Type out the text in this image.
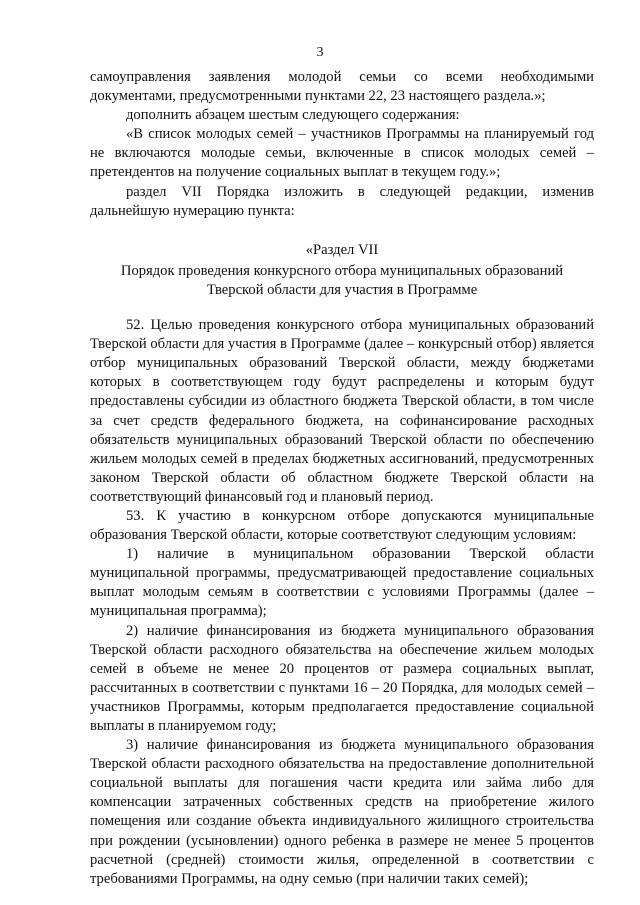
3

самоуправления заявления молодой семьи со всеми необходимыми документами, предусмотренными пунктами 22, 23 настоящего раздела.»;

дополнить абзацем шестым следующего содержания:

«В список молодых семей – участников Программы на планируемый год не включаются молодые семьи, включенные в список молодых семей – претендентов на получение социальных выплат в текущем году.»;

раздел VII Порядка изложить в следующей редакции, изменив дальнейшую нумерацию пункта:

«Раздел VII

Порядок проведения конкурсного отбора муниципальных образований

Тверской области для участия в Программе

52. Целью проведения конкурсного отбора муниципальных образований Тверской области для участия в Программе (далее – конкурсный отбор) является отбор муниципальных образований Тверской области, между бюджетами которых в соответствующем году будут распределены и которым будут предоставлены субсидии из областного бюджета Тверской области, в том числе за счет средств федерального бюджета, на софинансирование расходных обязательств муниципальных образований Тверской области по обеспечению жильем молодых семей в пределах бюджетных ассигнований, предусмотренных законом Тверской области об областном бюджете Тверской области на соответствующий финансовый год и плановый период.

53. К участию в конкурсном отборе допускаются муниципальные образования Тверской области, которые соответствуют следующим условиям:

1) наличие в муниципальном образовании Тверской области муниципальной программы, предусматривающей предоставление социальных выплат молодым семьям в соответствии с условиями Программы (далее – муниципальная программа);

2) наличие финансирования из бюджета муниципального образования Тверской области расходного обязательства на обеспечение жильем молодых семей в объеме не менее 20 процентов от размера социальных выплат, рассчитанных в соответствии с пунктами 16 – 20 Порядка, для молодых семей – участников Программы, которым предполагается предоставление социальной выплаты в планируемом году;

3) наличие финансирования из бюджета муниципального образования Тверской области расходного обязательства на предоставление дополнительной социальной выплаты для погашения части кредита или займа либо для компенсации затраченных собственных средств на приобретение жилого помещения или создание объекта индивидуального жилищного строительства при рождении (усыновлении) одного ребенка в размере не менее 5 процентов расчетной (средней) стоимости жилья, определенной в соответствии с требованиями Программы, на одну семью (при наличии таких семей);
